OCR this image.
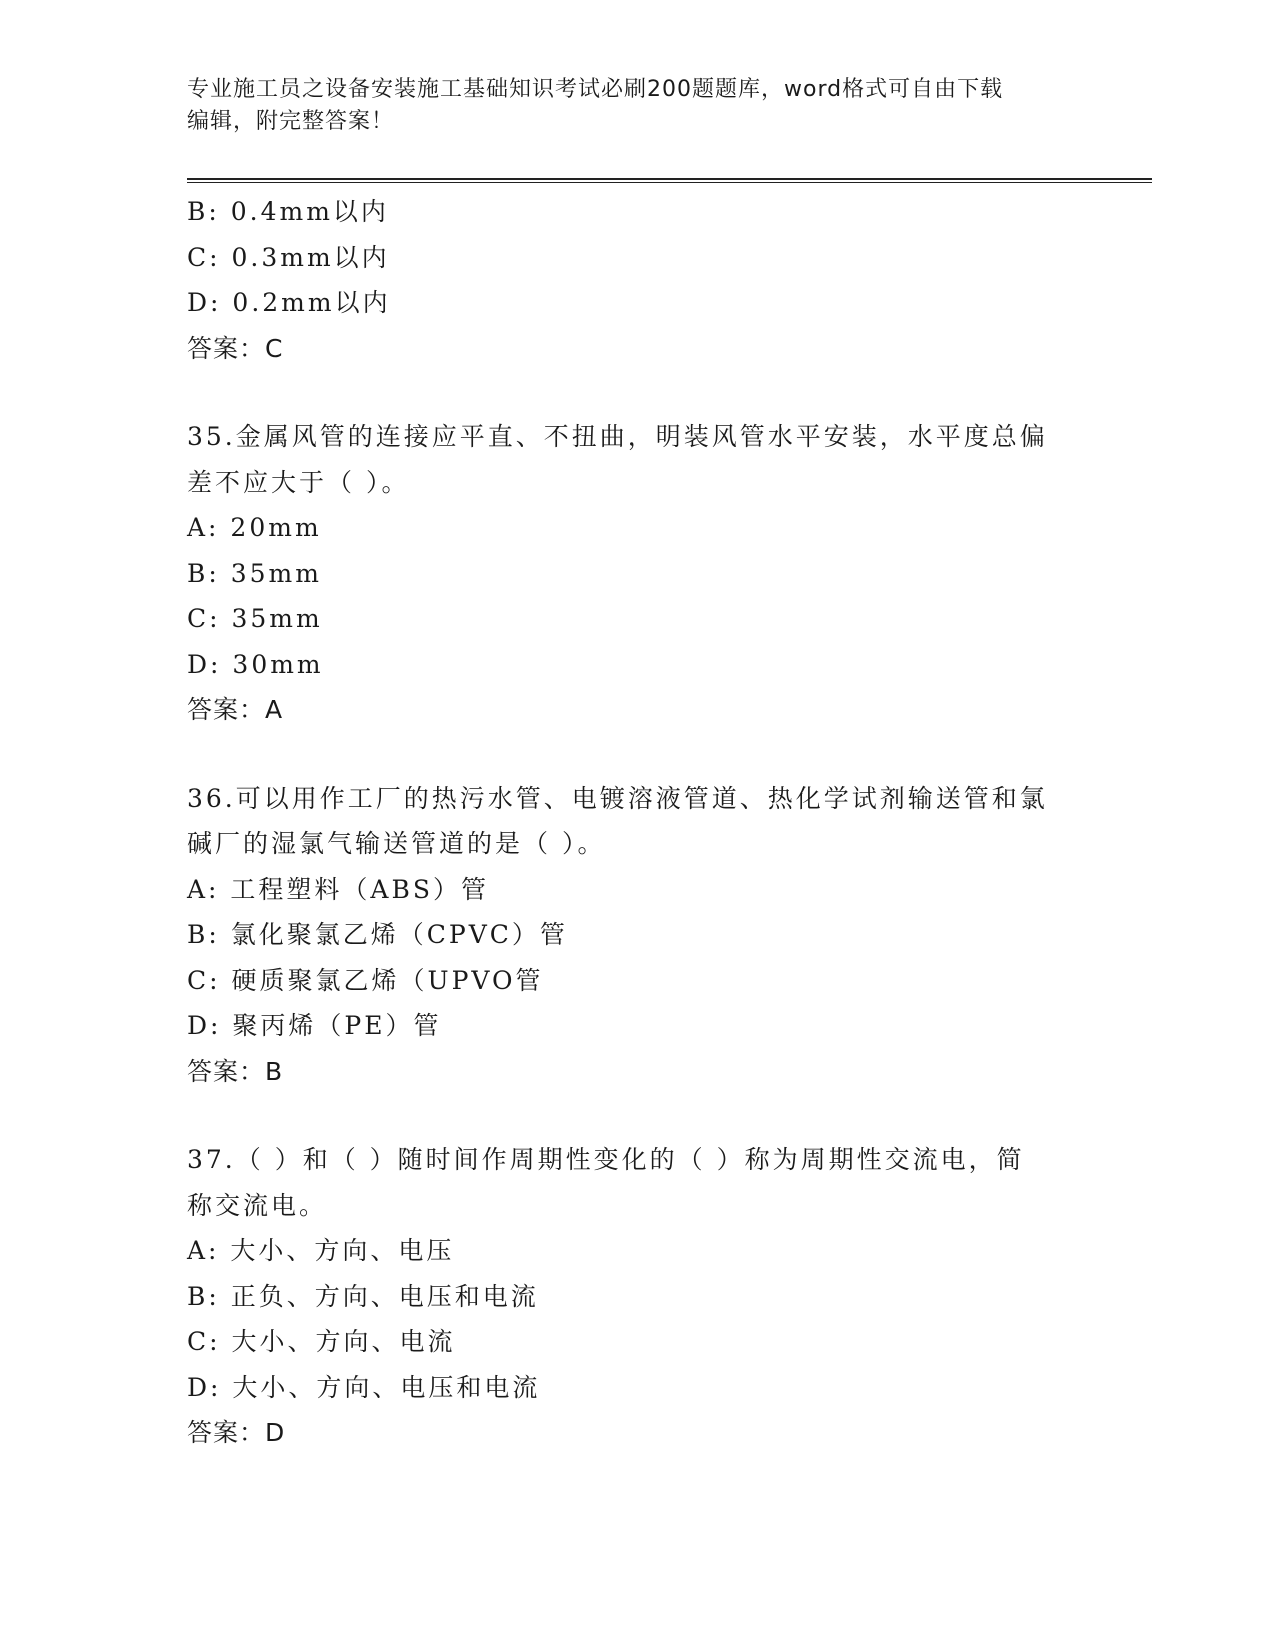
专业施工员之设备安装施工基础知识考试必刷200题题库，word格式可自由下载
编辑，附完整答案！
B: 0.4mm以内
C: 0.3mm以内
D: 0.2mm以内
答案：C
35.金属风管的连接应平直、不扭曲，明装风管水平安装，水平度总偏
差不应大于（ ）。
A: 20mm
B: 35mm
C: 35mm
D: 30mm
答案：A
36.可以用作工厂的热污水管、电镀溶液管道、热化学试剂输送管和氯
碱厂的湿氯气输送管道的是（ ）。
A: 工程塑料（ABS）管
B: 氯化聚氯乙烯（CPVC）管
C: 硬质聚氯乙烯（UPVO管
D: 聚丙烯（PE）管
答案：B
37.（ ）和（ ）随时间作周期性变化的（ ）称为周期性交流电，简
称交流电。
A: 大小、方向、电压
B: 正负、方向、电压和电流
C: 大小、方向、电流
D: 大小、方向、电压和电流
答案：D
